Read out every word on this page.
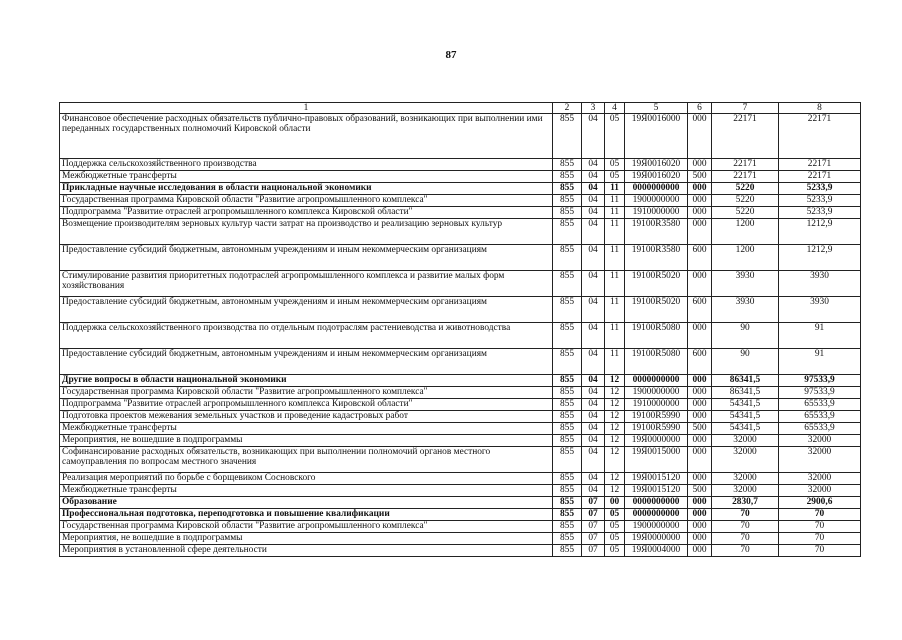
87
1	2	3	4	5	6	7	8
Финансовое обеспечение расходных обязательств публично-правовых образований, возникающих при выполнении ими переданных государственных полномочий Кировской области	855	04	05	19Я0016000	000	22171	22171
Поддержка сельскохозяйственного производства	855	04	05	19Я0016020	000	22171	22171
Межбюджетные трансферты	855	04	05	19Я0016020	500	22171	22171
Прикладные научные исследования в области национальной экономики	855	04	11	0000000000	000	5220	5233,9
Государственная программа Кировской области "Развитие агропромышленного комплекса"	855	04	11	1900000000	000	5220	5233,9
Подпрограмма "Развитие отраслей агропромышленного комплекса Кировской области"	855	04	11	1910000000	000	5220	5233,9
Возмещение производителям зерновых культур части затрат на производство и реализацию зерновых культур	855	04	11	19100R3580	000	1200	1212,9
Предоставление субсидий бюджетным, автономным учреждениям и иным некоммерческим организациям	855	04	11	19100R3580	600	1200	1212,9
Стимулирование развития приоритетных подотраслей агропромышленного комплекса и развитие малых форм хозяйствования	855	04	11	19100R5020	000	3930	3930
Предоставление субсидий бюджетным, автономным учреждениям и иным некоммерческим организациям	855	04	11	19100R5020	600	3930	3930
Поддержка сельскохозяйственного производства по отдельным подотраслям растениеводства и животноводства	855	04	11	19100R5080	000	90	91
Предоставление субсидий бюджетным, автономным учреждениям и иным некоммерческим организациям	855	04	11	19100R5080	600	90	91
Другие вопросы в области национальной экономики	855	04	12	0000000000	000	86341,5	97533,9
Государственная программа Кировской области "Развитие агропромышленного комплекса"	855	04	12	1900000000	000	86341,5	97533,9
Подпрограмма "Развитие отраслей агропромышленного комплекса Кировской области"	855	04	12	1910000000	000	54341,5	65533,9
Подготовка проектов межевания земельных участков и проведение кадастровых работ	855	04	12	19100R5990	000	54341,5	65533,9
Межбюджетные трансферты	855	04	12	19100R5990	500	54341,5	65533,9
Мероприятия, не вошедшие в подпрограммы	855	04	12	19Я0000000	000	32000	32000
Софинансирование расходных обязательств, возникающих при выполнении полномочий органов местного самоуправления по вопросам местного значения	855	04	12	19Я0015000	000	32000	32000
Реализация мероприятий по борьбе с борщевиком Сосновского	855	04	12	19Я0015120	000	32000	32000
Межбюджетные трансферты	855	04	12	19Я0015120	500	32000	32000
Образование	855	07	00	0000000000	000	2830,7	2900,6
Профессиональная подготовка, переподготовка и повышение квалификации	855	07	05	0000000000	000	70	70
Государственная программа Кировской области "Развитие агропромышленного комплекса"	855	07	05	1900000000	000	70	70
Мероприятия, не вошедшие в подпрограммы	855	07	05	19Я0000000	000	70	70
Мероприятия в установленной сфере деятельности	855	07	05	19Я0004000	000	70	70
